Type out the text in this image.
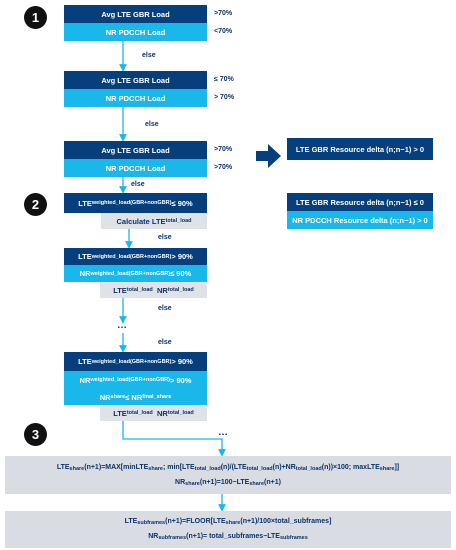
1
2
3
Avg LTE GBR Load
NR PDCCH Load
>70%
<70%
else
Avg LTE GBR Load
NR PDCCH Load
≤ 70%
> 70%
else
Avg LTE GBR Load
NR PDCCH Load
>70%
>70%
else
LTE GBR Resource delta (n;n−1) > 0
LTE GBR Resource delta (n;n−1) ≤ 0
NR PDCCH Resource delta (n;n−1) > 0
LTE weighted_load(GBR+nonGBR) ≤ 90%
Calculate LTE total_load
else
LTE weighted_load(GBR+nonGBR) > 90%
NR weighted_load(GBR+nonGBR) ≤ 90%
LTE total_load
NR total_load
else
…
else
LTE weighted_load(GBR+nonGBR) > 90%
NR weighted_load(GBR+nonGBR) > 90%
NR share ≤ NR final_share
LTE total_load
NR total_load
…
$LTE_{share}(n+1)=MAX[minLTE_{share}$; $\min[LTE_{total\_load}(n)/(LTE_{total\_load}(n)+NR_{total\_load}(n))\times 100$; maxLTE$_{share}$]]
$NR_{share}(n+1)=100-LTE_{share}(n+1)$
$LTE_{subframes}(n+1)=FLOOR[LTE_{share}(n+1)/100\times total\_subframes]$
$NR_{subframes}(n+1)=$ $total\_subframes-LTE_{subframes}$
